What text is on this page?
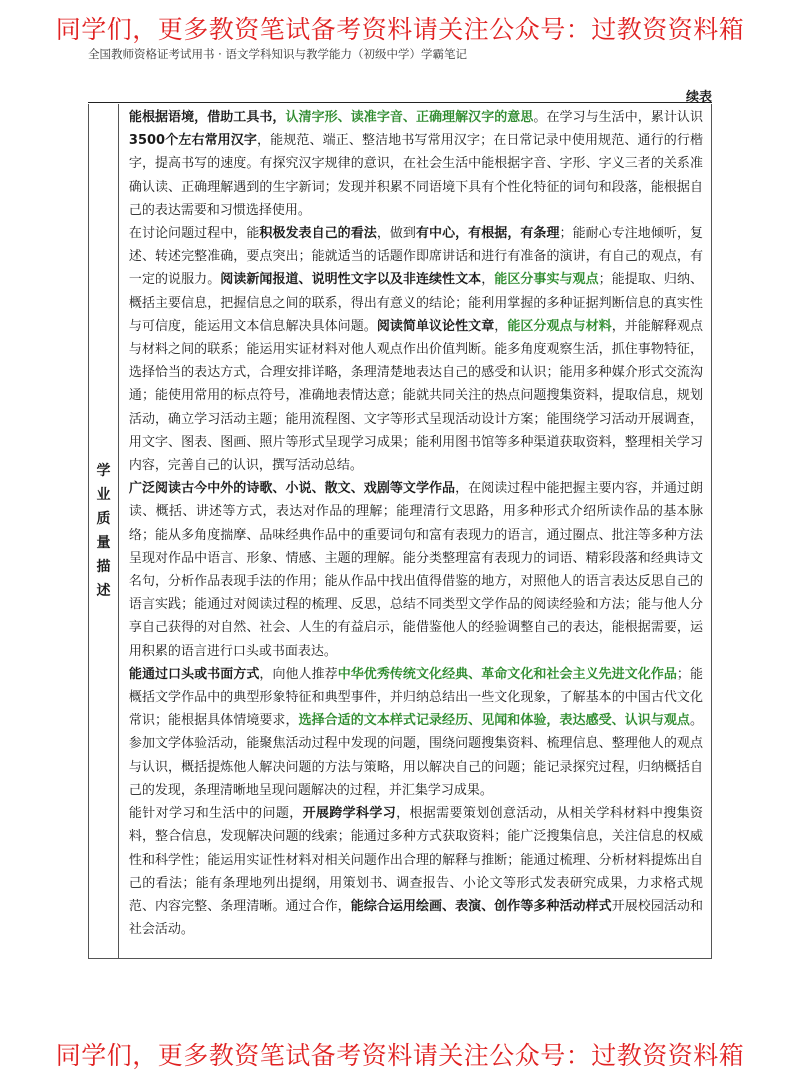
同学们，更多教资笔试备考资料请关注公众号：过教资资料箱
全国教师资格证考试用书 · 语文学科知识与教学能力（初级中学）学霸笔记
续表
学
业
质
量
描
述

能根据语境，借助工具书，认清字形、读准字音、正确理解汉字的意思。在学习与生活中，累计认识3500个左右常用汉字，能规范、端正、整洁地书写常用汉字；在日常记录中使用规范、通行的行楷字，提高书写的速度。有探究汉字规律的意识，在社会生活中能根据字音、字形、字义三者的关系准确认读、正确理解遇到的生字新词；发现并积累不同语境下具有个性化特征的词句和段落，能根据自己的表达需要和习惯选择使用。

在讨论问题过程中，能积极发表自己的看法，做到有中心，有根据，有条理；能耐心专注地倾听，复述、转述完整准确，要点突出；能就适当的话题作即席讲话和进行有准备的演讲，有自己的观点，有一定的说服力。阅读新闻报道、说明性文字以及非连续性文本，能区分事实与观点；能提取、归纳、概括主要信息，把握信息之间的联系，得出有意义的结论；能利用掌握的多种证据判断信息的真实性与可信度，能运用文本信息解决具体问题。阅读简单议论性文章，能区分观点与材料，并能解释观点与材料之间的联系；能运用实证材料对他人观点作出价值判断。能多角度观察生活，抓住事物特征，选择恰当的表达方式，合理安排详略，条理清楚地表达自己的感受和认识；能用多种媒介形式交流沟通；能使用常用的标点符号，准确地表情达意；能就共同关注的热点问题搜集资料，提取信息，规划活动，确立学习活动主题；能用流程图、文字等形式呈现活动设计方案；能围绕学习活动开展调查，用文字、图表、图画、照片等形式呈现学习成果；能利用图书馆等多种渠道获取资料，整理相关学习内容，完善自己的认识，撰写活动总结。

广泛阅读古今中外的诗歌、小说、散文、戏剧等文学作品，在阅读过程中能把握主要内容，并通过朗读、概括、讲述等方式，表达对作品的理解；能理清行文思路，用多种形式介绍所读作品的基本脉络；能从多角度揣摩、品味经典作品中的重要词句和富有表现力的语言，通过圈点、批注等多种方法呈现对作品中语言、形象、情感、主题的理解。能分类整理富有表现力的词语、精彩段落和经典诗文名句，分析作品表现手法的作用；能从作品中找出值得借鉴的地方，对照他人的语言表达反思自己的语言实践；能通过对阅读过程的梳理、反思，总结不同类型文学作品的阅读经验和方法；能与他人分享自己获得的对自然、社会、人生的有益启示，能借鉴他人的经验调整自己的表达，能根据需要，运用积累的语言进行口头或书面表达。

能通过口头或书面方式，向他人推荐中华优秀传统文化经典、革命文化和社会主义先进文化作品；能概括文学作品中的典型形象特征和典型事件，并归纳总结出一些文化现象，了解基本的中国古代文化常识；能根据具体情境要求，选择合适的文本样式记录经历、见闻和体验，表达感受、认识与观点。参加文学体验活动，能聚焦活动过程中发现的问题，围绕问题搜集资料、梳理信息、整理他人的观点与认识，概括提炼他人解决问题的方法与策略，用以解决自己的问题；能记录探究过程，归纳概括自己的发现，条理清晰地呈现问题解决的过程，并汇集学习成果。

能针对学习和生活中的问题，开展跨学科学习，根据需要策划创意活动，从相关学科材料中搜集资料，整合信息，发现解决问题的线索；能通过多种方式获取资料；能广泛搜集信息，关注信息的权威性和科学性；能运用实证性材料对相关问题作出合理的解释与推断；能通过梳理、分析材料提炼出自己的看法；能有条理地列出提纲，用策划书、调查报告、小论文等形式发表研究成果，力求格式规范、内容完整、条理清晰。通过合作，能综合运用绘画、表演、创作等多种活动样式开展校园活动和社会活动。

同学们，更多教资笔试备考资料请关注公众号：过教资资料箱
